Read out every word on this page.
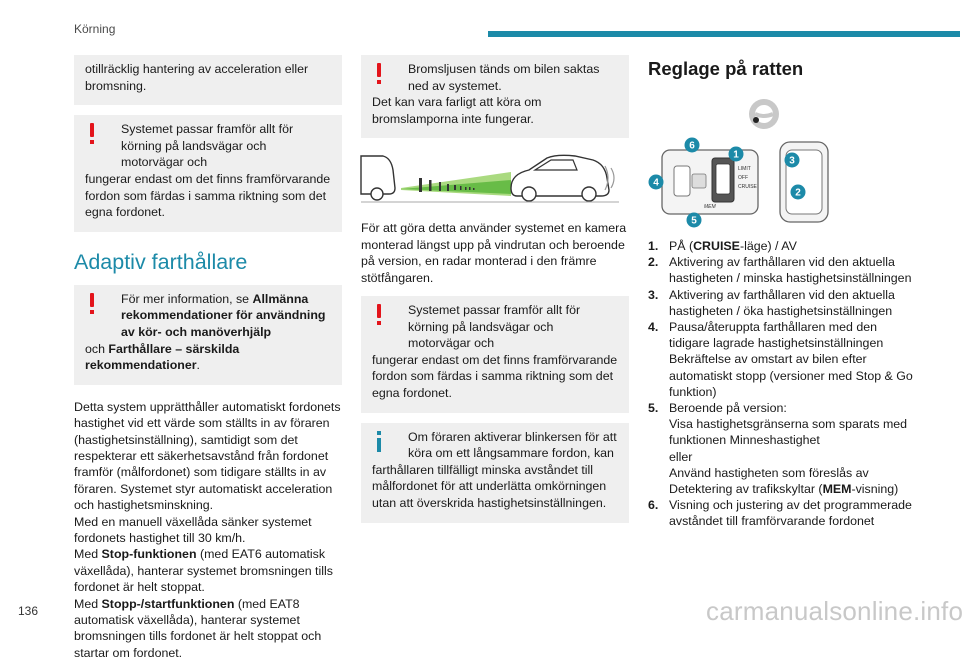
Körning
otillräcklig hantering av acceleration eller bromsning.
Systemet passar framför allt för körning på landsvägar och motorvägar och
fungerar endast om det finns framförvarande fordon som färdas i samma riktning som det egna fordonet.
Adaptiv farthållare
För mer information, se Allmänna rekommendationer för användning av kör- och manöverhjälp
och Farthållare – särskilda rekommendationer.
Detta system upprätthåller automatiskt fordonets hastighet vid ett värde som ställts in av föraren (hastighetsinställning), samtidigt som det respekterar ett säkerhetsavstånd från fordonet framför (målfordonet) som tidigare ställts in av föraren. Systemet styr automatiskt acceleration och hastighetsminskning.
Med en manuell växellåda sänker systemet fordonets hastighet till 30 km/h.
Med Stop-funktionen (med EAT6 automatisk växellåda), hanterar systemet bromsningen tills fordonet är helt stoppat.
Med Stopp-/startfunktionen (med EAT8 automatisk växellåda), hanterar systemet bromsningen tills fordonet är helt stoppat och startar om fordonet.
Bromsljusen tänds om bilen saktas ned av systemet.
Det kan vara farligt att köra om bromslamporna inte fungerar.
För att göra detta använder systemet en kamera monterad längst upp på vindrutan och beroende på version, en radar monterad i den främre stötfångaren.
Systemet passar framför allt för körning på landsvägar och motorvägar och
fungerar endast om det finns framförvarande fordon som färdas i samma riktning som det egna fordonet.
Om föraren aktiverar blinkersen för att köra om ett långsammare fordon, kan
farthållaren tillfälligt minska avståndet till målfordonet för att underlätta omkörningen utan att överskrida hastighetsinställningen.
Reglage på ratten
LIMIT
OFF
CRUISE
MEM
1
2
3
4
5
6
1. PÅ (CRUISE-läge) / AV
2. Aktivering av farthållaren vid den aktuella hastigheten / minska hastighetsinställningen
3. Aktivering av farthållaren vid den aktuella hastigheten / öka hastighetsinställningen
4. Pausa/återuppta farthållaren med den tidigare lagrade hastighetsinställningen
Bekräftelse av omstart av bilen efter automatiskt stopp (versioner med Stop & Go funktion)
5. Beroende på version:
Visa hastighetsgränserna som sparats med funktionen Minneshastighet
eller
Använd hastigheten som föreslås av Detektering av trafikskyltar (MEM-visning)
6. Visning och justering av det programmerade avståndet till framförvarande fordonet
136	carmanualsonline.info
